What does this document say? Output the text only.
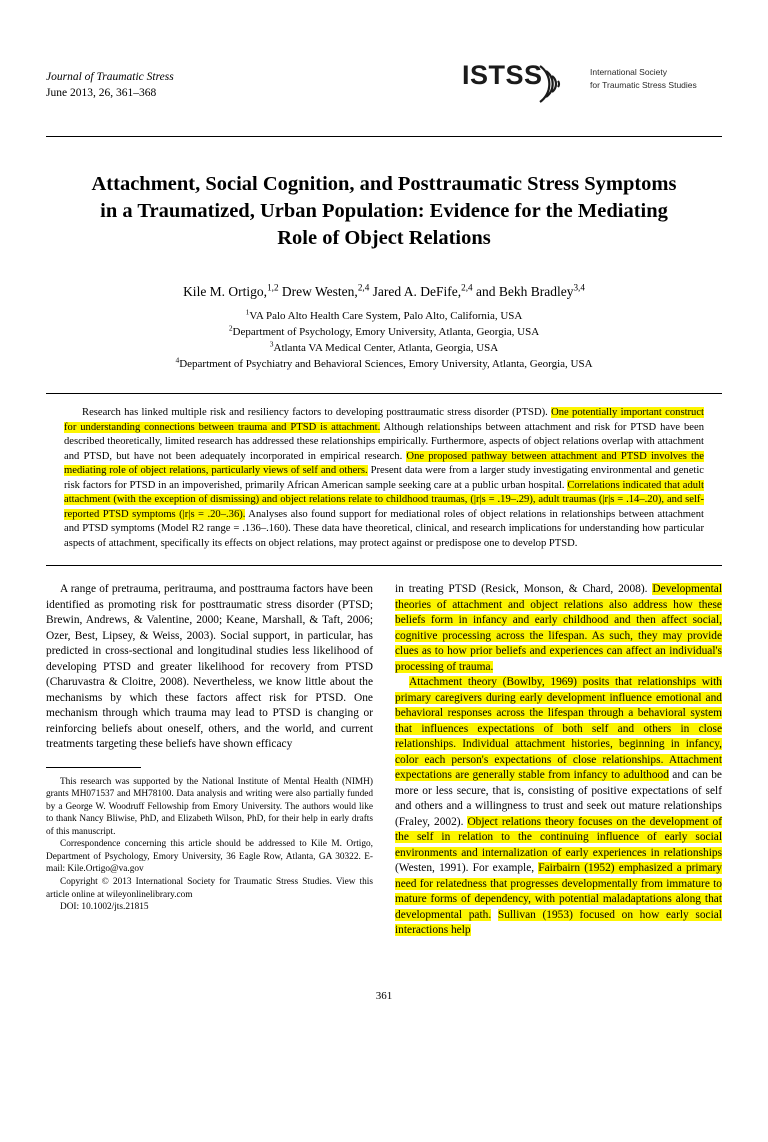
Journal of Traumatic Stress
June 2013, 26, 361–368
ISTSS	International Society
for Traumatic Stress Studies
Attachment, Social Cognition, and Posttraumatic Stress Symptoms
in a Traumatized, Urban Population: Evidence for the Mediating
Role of Object Relations
Kile M. Ortigo,$^{1,2}$ Drew Westen,$^{2,4}$ Jared A. DeFife,$^{2,4}$ and Bekh Bradley$^{3,4}$
$^1$VA Palo Alto Health Care System, Palo Alto, California, USA
$^2$Department of Psychology, Emory University, Atlanta, Georgia, USA
$^3$Atlanta VA Medical Center, Atlanta, Georgia, USA
$^4$Department of Psychiatry and Behavioral Sciences, Emory University, Atlanta, Georgia, USA
Research has linked multiple risk and resiliency factors to developing posttraumatic stress disorder (PTSD). One potentially important construct for understanding connections between trauma and PTSD is attachment. Although relationships between attachment and risk for PTSD have been described theoretically, limited research has addressed these relationships empirically. Furthermore, aspects of object relations overlap with attachment and PTSD, but have not been adequately incorporated in empirical research. One proposed pathway between attachment and PTSD involves the mediating role of object relations, particularly views of self and others. Present data were from a larger study investigating environmental and genetic risk factors for PTSD in an impoverished, primarily African American sample seeking care at a public urban hospital. Correlations indicated that adult attachment (with the exception of dismissing) and object relations relate to childhood traumas, (|r|s = .19–.29), adult traumas (|r|s = .14–.20), and self-reported PTSD symptoms (|r|s = .20–.36). Analyses also found support for mediational roles of object relations in relationships between attachment and PTSD symptoms (Model R2 range = .136–.160). These data have theoretical, clinical, and research implications for understanding how particular aspects of attachment, specifically its effects on object relations, may protect against or predispose one to develop PTSD.

A range of pretrauma, peritrauma, and posttrauma factors have been identified as promoting risk for posttraumatic stress disorder (PTSD; Brewin, Andrews, & Valentine, 2000; Keane, Marshall, & Taft, 2006; Ozer, Best, Lipsey, & Weiss, 2003). Social support, in particular, has predicted in cross-sectional and longitudinal studies less likelihood of developing PTSD and greater likelihood for recovery from PTSD (Charuvastra & Cloitre, 2008). Nevertheless, we know little about the mechanisms by which these factors affect risk for PTSD. One mechanism through which trauma may lead to PTSD is changing or reinforcing beliefs about oneself, others, and the world, and current treatments targeting these beliefs have shown efficacy

This research was supported by the National Institute of Mental Health (NIMH) grants MH071537 and MH78100. Data analysis and writing were also partially funded by a George W. Woodruff Fellowship from Emory University. The authors would like to thank Nancy Bliwise, PhD, and Elizabeth Wilson, PhD, for their help in early drafts of this manuscript.

Correspondence concerning this article should be addressed to Kile M. Ortigo, Department of Psychology, Emory University, 36 Eagle Row, Atlanta, GA 30322. E-mail: Kile.Ortigo@va.gov

Copyright © 2013 International Society for Traumatic Stress Studies. View this article online at wileyonlinelibrary.com

DOI: 10.1002/jts.21815

in treating PTSD (Resick, Monson, & Chard, 2008). Developmental theories of attachment and object relations also address how these beliefs form in infancy and early childhood and then affect social, cognitive processing across the lifespan. As such, they may provide clues as to how prior beliefs and experiences can affect an individual's processing of trauma.

Attachment theory (Bowlby, 1969) posits that relationships with primary caregivers during early development influence emotional and behavioral responses across the lifespan through a behavioral system that influences expectations of both self and others in close relationships. Individual attachment histories, beginning in infancy, color each person's expectations of close relationships. Attachment expectations are generally stable from infancy to adulthood and can be more or less secure, that is, consisting of positive expectations of self and others and a willingness to trust and seek out mature relationships (Fraley, 2002). Object relations theory focuses on the development of the self in relation to the continuing influence of early social environments and internalization of early experiences in relationships (Westen, 1991). For example, Fairbairn (1952) emphasized a primary need for relatedness that progresses developmentally from immature to mature forms of dependency, with potential maladaptations along that developmental path. Sullivan (1953) focused on how early social interactions help

361
